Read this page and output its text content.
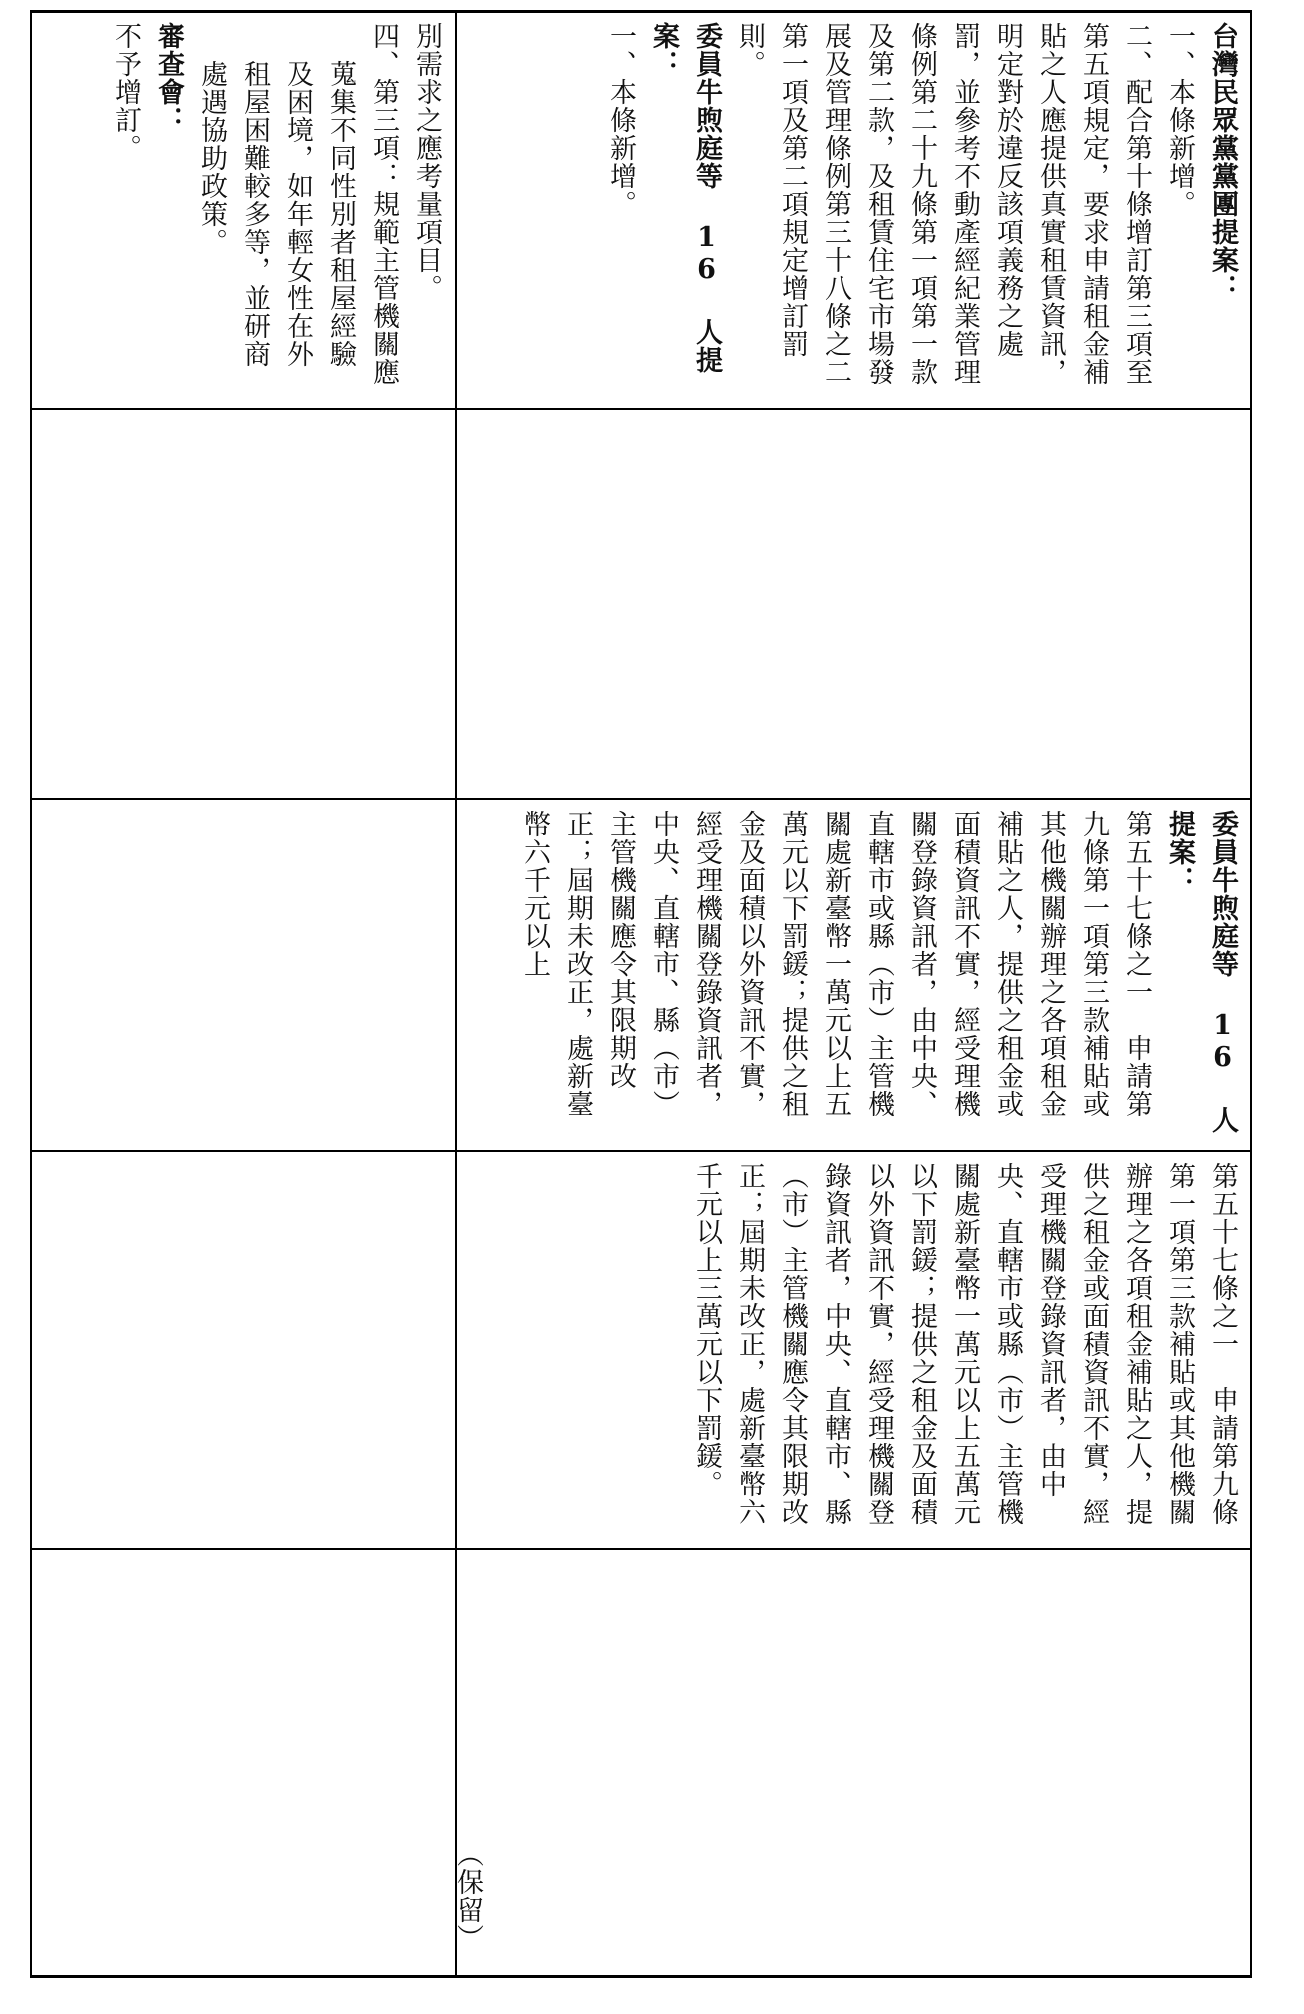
別需求之應考量項目。

四、第三項：規範主管機關應

蒐集不同性別者租屋經驗

及困境，如年輕女性在外

租屋困難較多等，並研商

處遇協助政策。

審查會：

不予增訂。	台灣民眾黨黨團提案：

一、本條新增。

二、配合第十條增訂第三項至第五項規定，要求申請租金補貼之人應提供真實租賃資訊，明定對於違反該項義務之處罰，並參考不動產經紀業管理條例第二十九條第一項第一款及第二款，及租賃住宅市場發展及管理條例第三十八條之二第一項及第二項規定增訂罰則。

委員牛煦庭等 16 人提案：

一、本條新增。

委員牛煦庭等 16 人提案：

第五十七條之一　申請第九條第一項第三款補貼或其他機關辦理之各項租金補貼之人，提供之租金或面積資訊不實，經受理機關登錄資訊者，由中央、直轄市或縣（市）主管機關處新臺幣一萬元以上五萬元以下罰鍰；提供之租金及面積以外資訊不實，經受理機關登錄資訊者，中央、直轄市、縣（市）主管機關應令其限期改正；屆期未改正，處新臺幣六千元以上

第五十七條之一　申請第九條第一項第三款補貼或其他機關辦理之各項租金補貼之人，提供之租金或面積資訊不實，經受理機關登錄資訊者，由中央、直轄市或縣（市）主管機關處新臺幣一萬元以上五萬元以下罰鍰；提供之租金及面積以外資訊不實，經受理機關登錄資訊者，中央、直轄市、縣（市）主管機關應令其限期改正；屆期未改正，處新臺幣六千元以上三萬元以下罰鍰。

（保留）
